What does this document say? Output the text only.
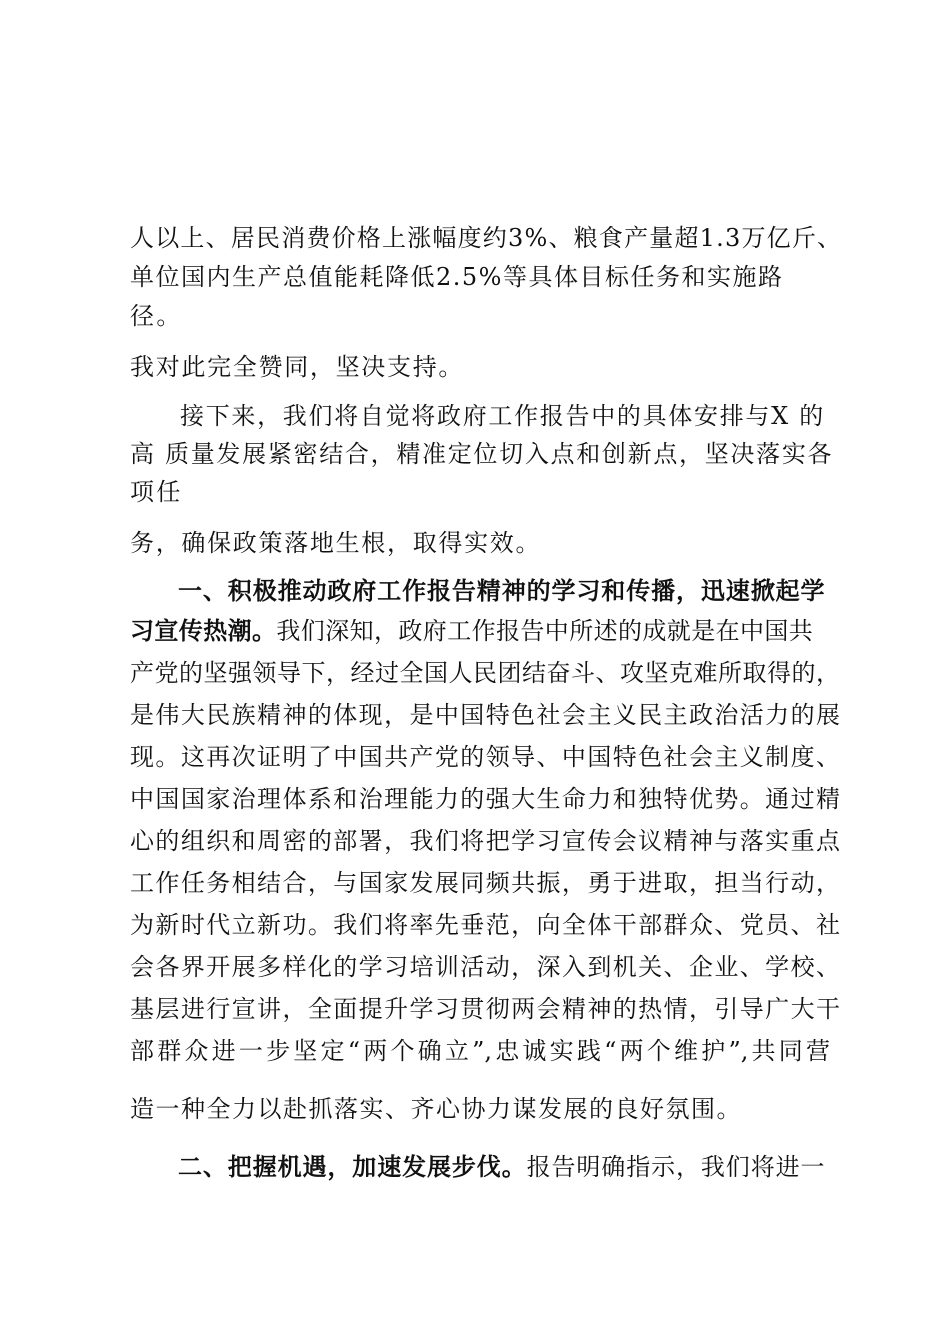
人以上、居民消费价格上涨幅度约3%、粮食产量超1.3万亿斤、
单位国内生产总值能耗降低2.5%等具体目标任务和实施路
径。
我对此完全赞同，坚决支持。
接下来，我们将自觉将政府工作报告中的具体安排与X 的
高 质量发展紧密结合，精准定位切入点和创新点，坚决落实各
项任
务，确保政策落地生根，取得实效。
一、积极推动政府工作报告精神的学习和传播，迅速掀起学
习宣传热潮。我们深知，政府工作报告中所述的成就是在中国共
产党的坚强领导下，经过全国人民团结奋斗、攻坚克难所取得的，
是伟大民族精神的体现，是中国特色社会主义民主政治活力的展
现。这再次证明了中国共产党的领导、中国特色社会主义制度、
中国国家治理体系和治理能力的强大生命力和独特优势。通过精
心的组织和周密的部署，我们将把学习宣传会议精神与落实重点
工作任务相结合，与国家发展同频共振，勇于进取，担当行动，
为新时代立新功。我们将率先垂范，向全体干部群众、党员、社
会各界开展多样化的学习培训活动，深入到机关、企业、学校、
基层进行宣讲，全面提升学习贯彻两会精神的热情，引导广大干
部群众进一步坚定“两个确立”,忠诚实践“两个维护”,共同营
造一种全力以赴抓落实、齐心协力谋发展的良好氛围。
二、把握机遇，加速发展步伐。报告明确指示，我们将进一
